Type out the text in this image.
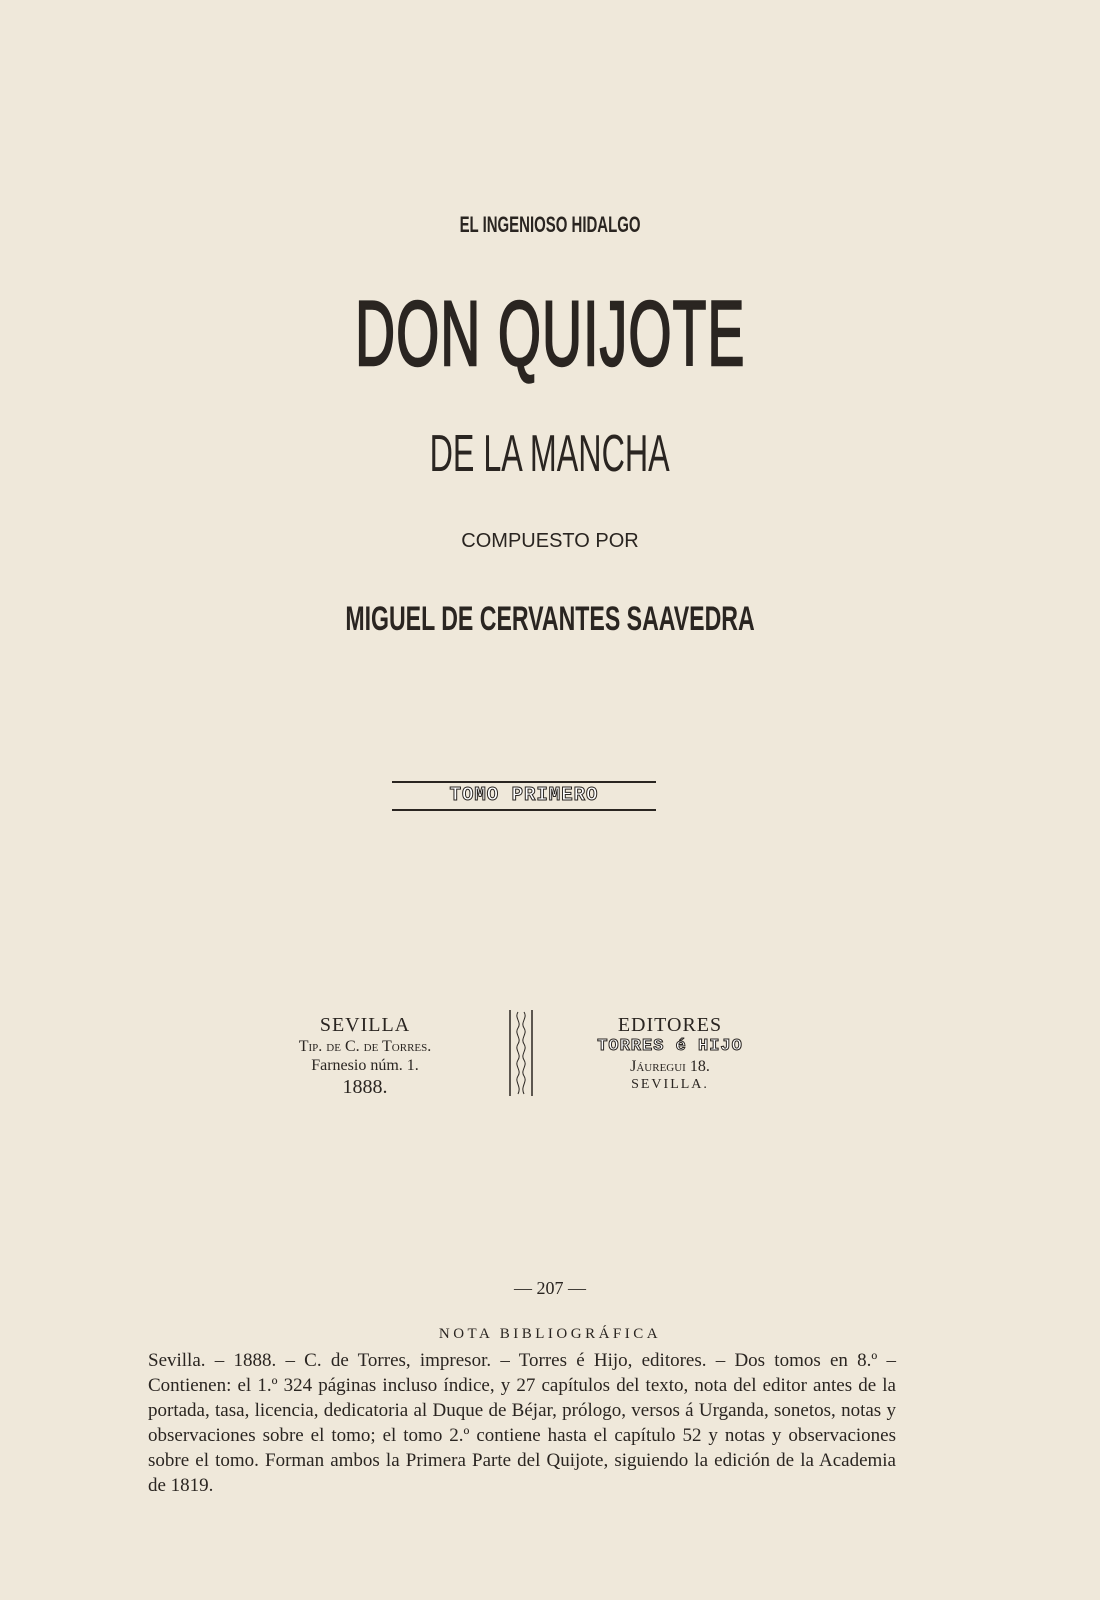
EL INGENIOSO HIDALGO
DON QUIJOTE
DE LA MANCHA
COMPUESTO POR
MIGUEL DE CERVANTES SAAVEDRA
TOMO PRIMERO
SEVILLA
Tip. de C. de Torres.
Farnesio núm. 1.
1888.
EDITORES
TORRES é HIJO
Jáuregui 18.
SEVILLA.
— 207 —
NOTA BIBLIOGRÁFICA
Sevilla. – 1888. – C. de Torres, impresor. – Torres é Hijo, editores. – Dos tomos en 8.º – Contienen: el 1.º 324 páginas incluso índice, y 27 capítulos del texto, nota del editor antes de la portada, tasa, licencia, dedicatoria al Duque de Béjar, prólogo, versos á Urganda, sonetos, notas y observaciones sobre el tomo; el tomo 2.º contiene hasta el capítulo 52 y notas y observaciones sobre el tomo. Forman ambos la Primera Parte del Quijote, siguiendo la edición de la Academia de 1819.
